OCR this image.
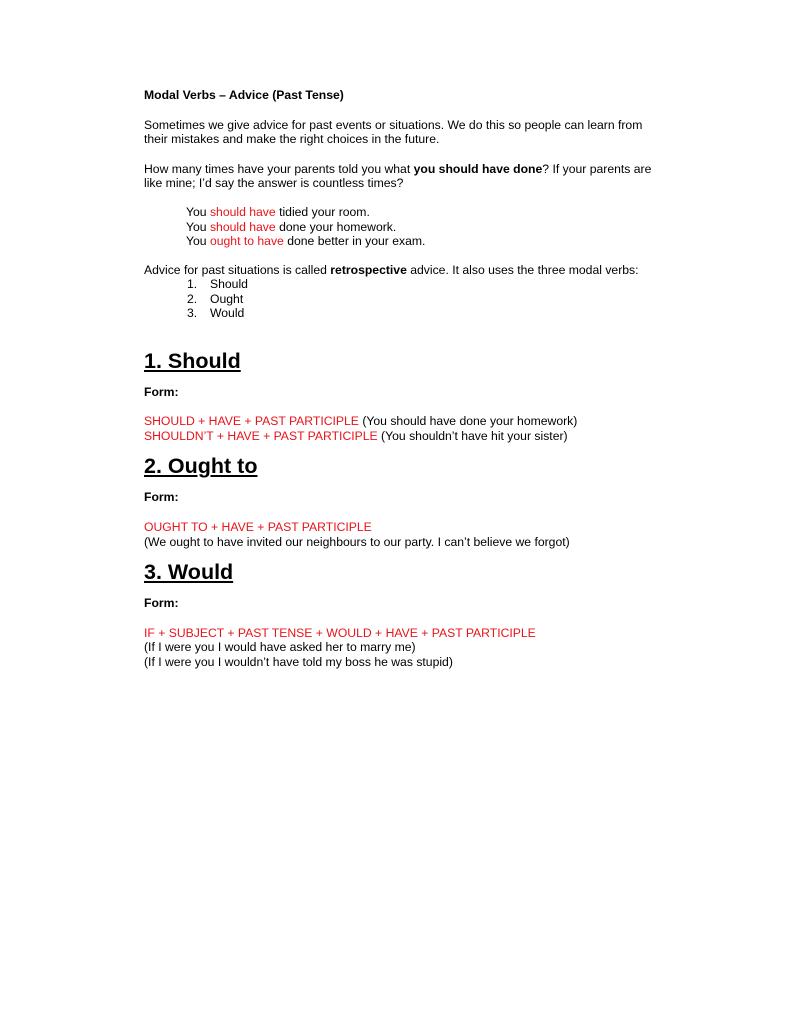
Modal Verbs – Advice (Past Tense)

Sometimes we give advice for past events or situations. We do this so people can learn from their mistakes and make the right choices in the future.

How many times have your parents told you what you should have done? If your parents are like mine; I’d say the answer is countless times?

You should have tidied your room.

You should have done your homework.

You ought to have done better in your exam.

Advice for past situations is called retrospective advice. It also uses the three modal verbs:

1. Should
2. Ought
3. Would
1. Should

Form:

SHOULD + HAVE + PAST PARTICIPLE (You should have done your homework)

SHOULDN’T + HAVE + PAST PARTICIPLE (You shouldn’t have hit your sister)

2. Ought to

Form:

OUGHT TO + HAVE + PAST PARTICIPLE

(We ought to have invited our neighbours to our party. I can’t believe we forgot)

3. Would

Form:

IF + SUBJECT + PAST TENSE + WOULD + HAVE + PAST PARTICIPLE

(If I were you I would have asked her to marry me)

(If I were you I wouldn’t have told my boss he was stupid)
